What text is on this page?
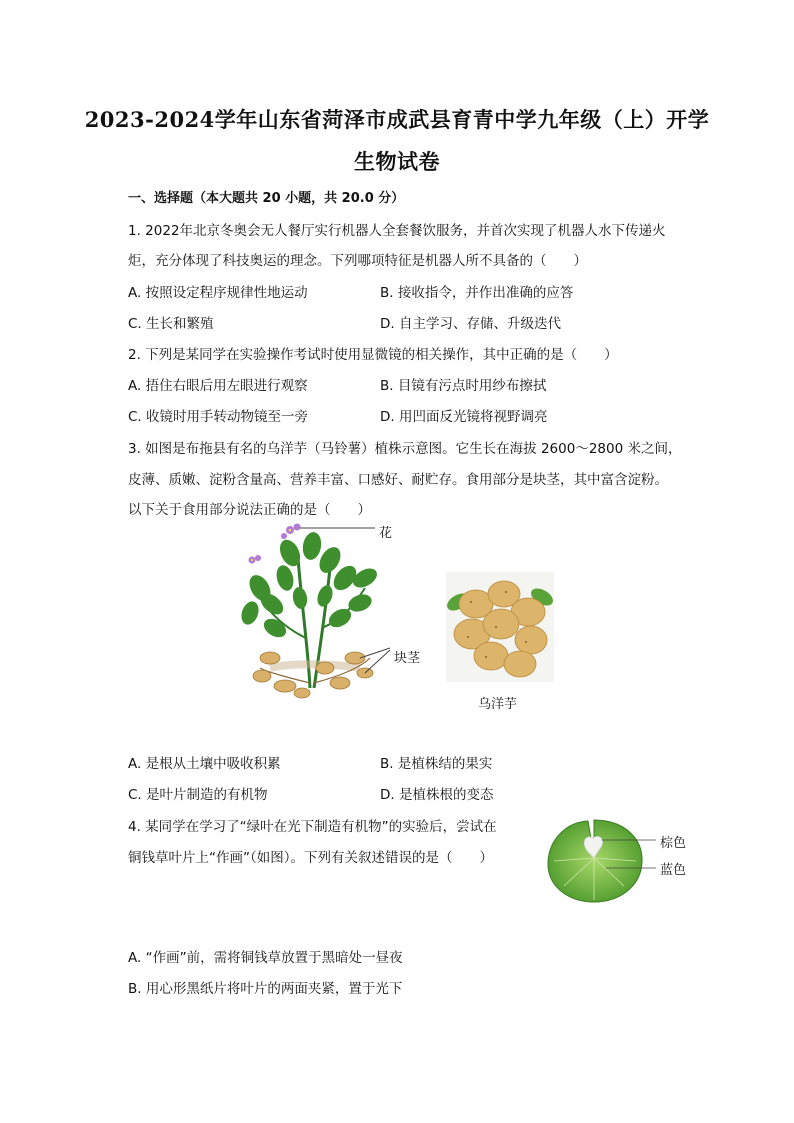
2023-2024学年山东省菏泽市成武县育青中学九年级（上）开学
生物试卷
一、选择题（本大题共 20 小题，共 20.0 分）
1. 2022年北京冬奥会无人餐厅实行机器人全套餐饮服务，并首次实现了机器人水下传递火
炬，充分体现了科技奥运的理念。下列哪项特征是机器人所不具备的（　　）
A. 按照设定程序规律性地运动	B. 接收指令，并作出准确的应答
C. 生长和繁殖	D. 自主学习、存储、升级迭代
2. 下列是某同学在实验操作考试时使用显微镜的相关操作，其中正确的是（　　）
A. 捂住右眼后用左眼进行观察	B. 目镜有污点时用纱布擦拭
C. 收镜时用手转动物镜至一旁	D. 用凹面反光镜将视野调亮
3. 如图是布拖县有名的乌洋芋（马铃薯）植株示意图。它生长在海拔 2600～2800 米之间，
皮薄、质嫩、淀粉含量高、营养丰富、口感好、耐贮存。食用部分是块茎，其中富含淀粉。
以下关于食用部分说法正确的是（　　）
花
块茎
乌洋芋
A. 是根从土壤中吸收积累	B. 是植株结的果实
C. 是叶片制造的有机物	D. 是植株根的变态
4. 某同学在学习了“绿叶在光下制造有机物”的实验后，尝试在
铜钱草叶片上“作画”（如图）。下列有关叙述错误的是（　　）
棕色
蓝色
A. “作画”前，需将铜钱草放置于黑暗处一昼夜
B. 用心形黑纸片将叶片的两面夹紧，置于光下
